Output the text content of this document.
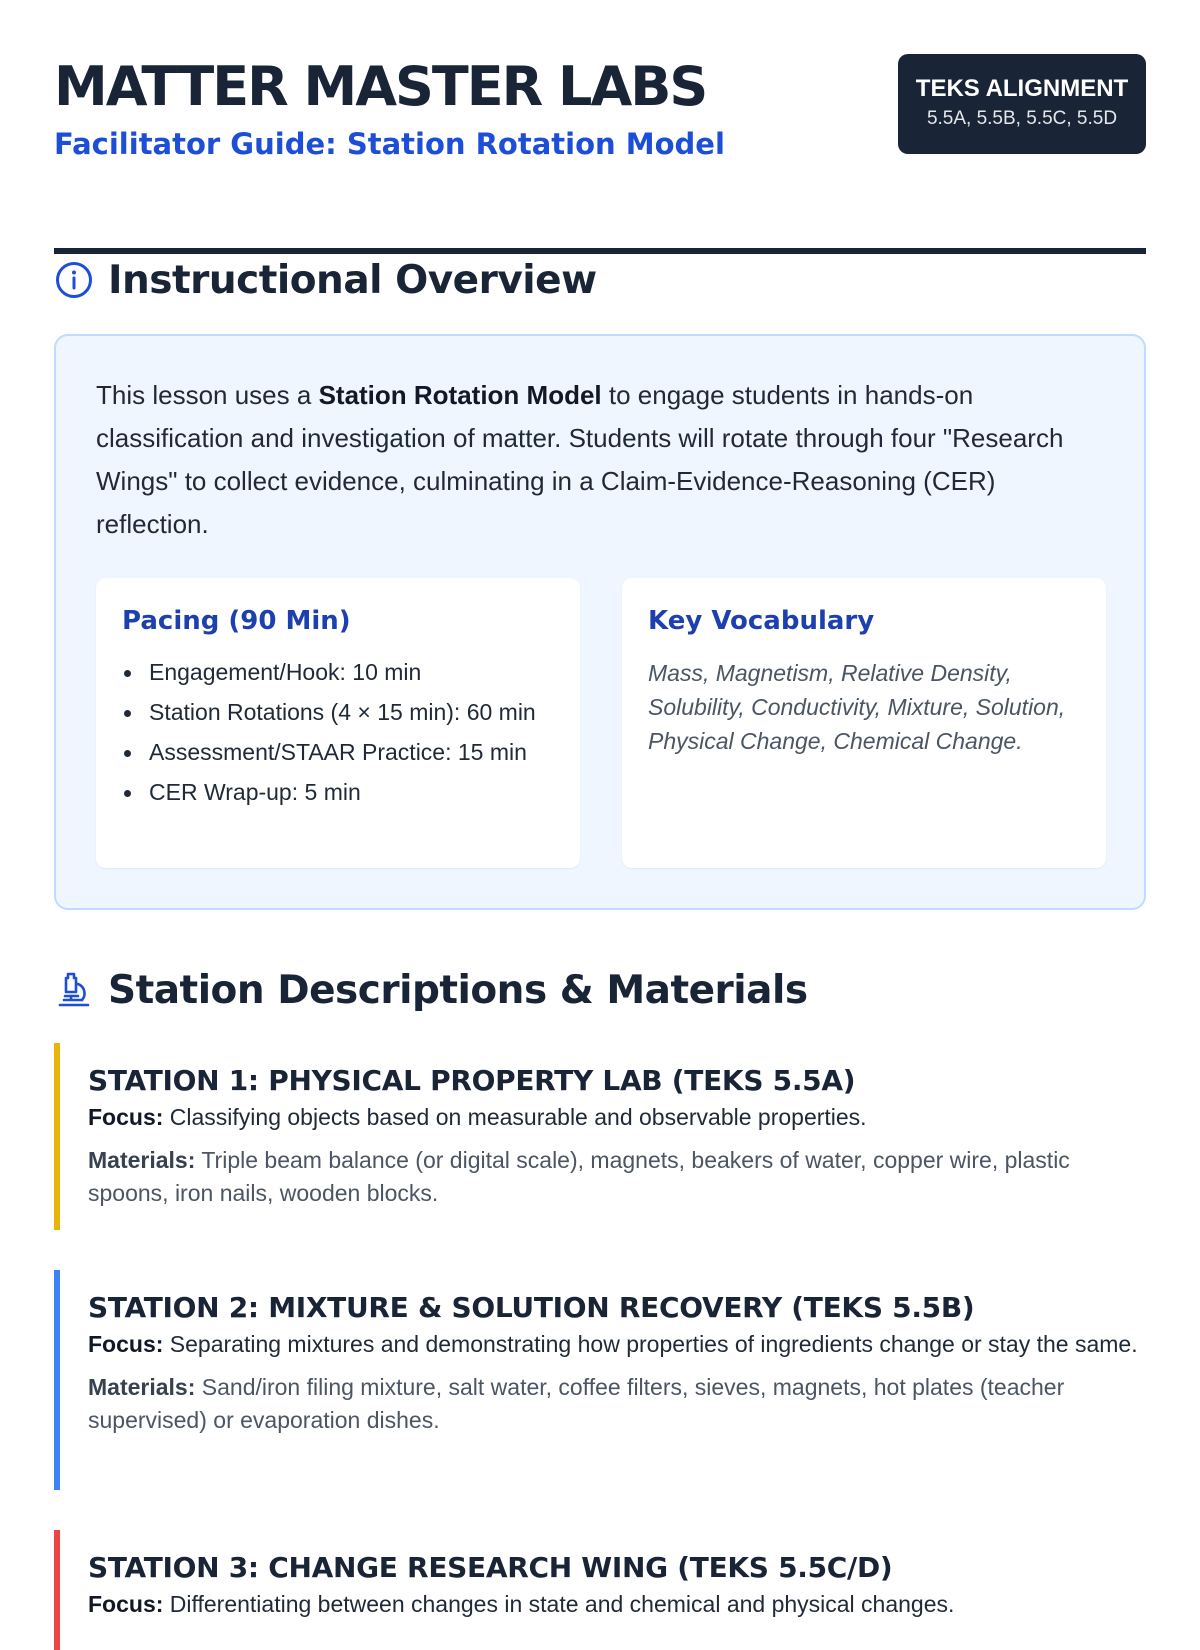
MATTER MASTER LABS
Facilitator Guide: Station Rotation Model
TEKS ALIGNMENT
5.5A, 5.5B, 5.5C, 5.5D
Instructional Overview

This lesson uses a Station Rotation Model to engage students in hands-on classification and investigation of matter. Students will rotate through four "Research Wings" to collect evidence, culminating in a Claim-Evidence-Reasoning (CER) reflection.

Pacing (90 Min)
Engagement/Hook: 10 min
Station Rotations (4 × 15 min): 60 min
Assessment/STAAR Practice: 15 min
CER Wrap-up: 5 min
Key Vocabulary

Mass, Magnetism, Relative Density, Solubility, Conductivity, Mixture, Solution, Physical Change, Chemical Change.

Station Descriptions & Materials
STATION 1: PHYSICAL PROPERTY LAB (TEKS 5.5A)
Focus: Classifying objects based on measurable and observable properties.
Materials: Triple beam balance (or digital scale), magnets, beakers of water, copper wire, plastic spoons, iron nails, wooden blocks.
STATION 2: MIXTURE & SOLUTION RECOVERY (TEKS 5.5B)
Focus: Separating mixtures and demonstrating how properties of ingredients change or stay the same.
Materials: Sand/iron filing mixture, salt water, coffee filters, sieves, magnets, hot plates (teacher supervised) or evaporation dishes.
STATION 3: CHANGE RESEARCH WING (TEKS 5.5C/D)
Focus: Differentiating between changes in state and chemical and physical changes.
